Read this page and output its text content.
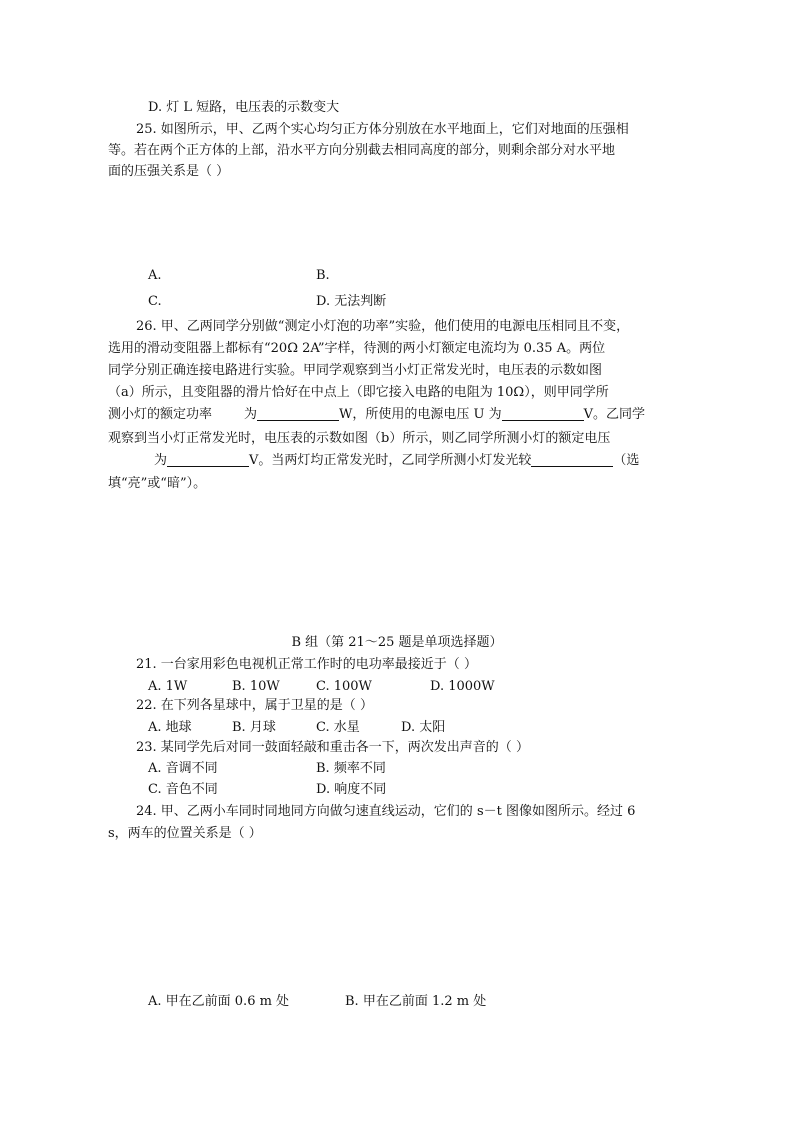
D. 灯 L 短路，电压表的示数变大
25. 如图所示，甲、乙两个实心均匀正方体分别放在水平地面上，它们对地面的压强相
等。若在两个正方体的上部，沿水平方向分别截去相同高度的部分，则剩余部分对水平地
面的压强关系是（ ）
A.	B.
C.	D. 无法判断
26. 甲、乙两同学分别做“测定小灯泡的功率”实验，他们使用的电源电压相同且不变，
选用的滑动变阻器上都标有“20Ω 2A”字样，待测的两小灯额定电流均为 0.35 A。两位
同学分别正确连接电路进行实验。甲同学观察到当小灯正常发光时，电压表的示数如图
（a）所示，且变阻器的滑片恰好在中点上（即它接入电路的电阻为 10Ω），则甲同学所
测小灯的额定功率 为	W，所使用的电源电压 U 为	V。乙同学
观察到当小灯正常发光时，电压表的示数如图（b）所示，则乙同学所测小灯的额定电压
为	V。当两灯均正常发光时，乙同学所测小灯发光较	（选
填“亮”或“暗”）。
B 组（第 21～25 题是单项选择题）
21. 一台家用彩色电视机正常工作时的电功率最接近于（ ）
A. 1W	B. 10W	C. 100W	D. 1000W
22. 在下列各星球中，属于卫星的是（ ）
A. 地球	B. 月球	C. 水星	D. 太阳
23. 某同学先后对同一鼓面轻敲和重击各一下，两次发出声音的（ ）
A. 音调不同	B. 频率不同
C. 音色不同	D. 响度不同
24. 甲、乙两小车同时同地同方向做匀速直线运动，它们的 s－t 图像如图所示。经过 6
s，两车的位置关系是（ ）
A. 甲在乙前面 0.6 m 处	B. 甲在乙前面 1.2 m 处
